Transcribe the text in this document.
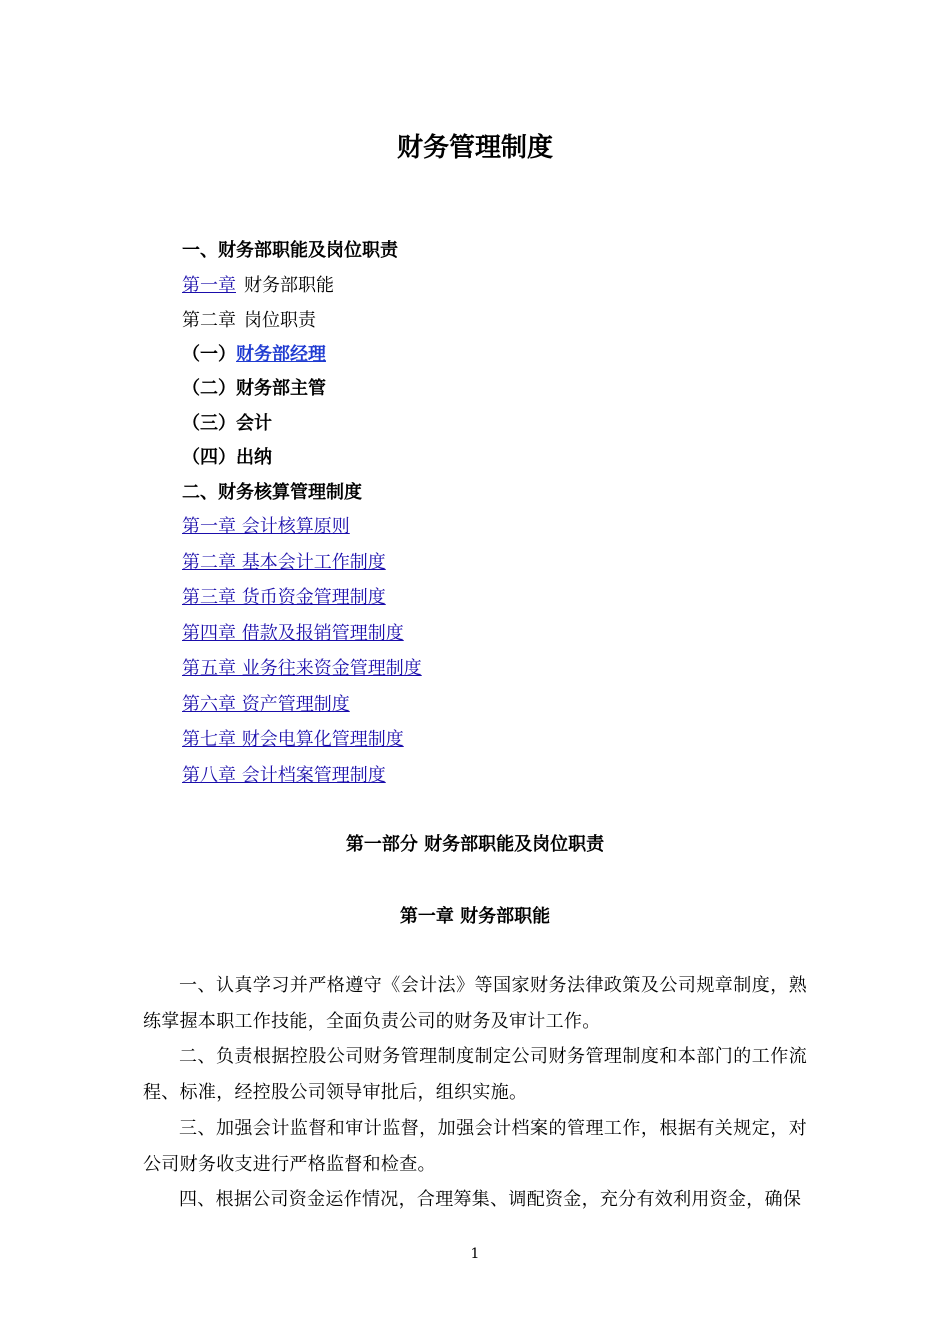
财务管理制度
一、财务部职能及岗位职责
第一章 财务部职能
第二章 岗位职责
（一）财务部经理
（二）财务部主管
（三）会计
（四）出纳
二、财务核算管理制度
第一章 会计核算原则
第二章 基本会计工作制度
第三章 货币资金管理制度
第四章 借款及报销管理制度
第五章 业务往来资金管理制度
第六章 资产管理制度
第七章 财会电算化管理制度
第八章 会计档案管理制度
第一部分 财务部职能及岗位职责
第一章 财务部职能
一、认真学习并严格遵守《会计法》等国家财务法律政策及公司规章制度，熟练掌握本职工作技能，全面负责公司的财务及审计工作。
二、负责根据控股公司财务管理制度制定公司财务管理制度和本部门的工作流程、标准，经控股公司领导审批后，组织实施。
三、加强会计监督和审计监督，加强会计档案的管理工作，根据有关规定，对公司财务收支进行严格监督和检查。
四、根据公司资金运作情况，合理筹集、调配资金，充分有效利用资金，确保
1
